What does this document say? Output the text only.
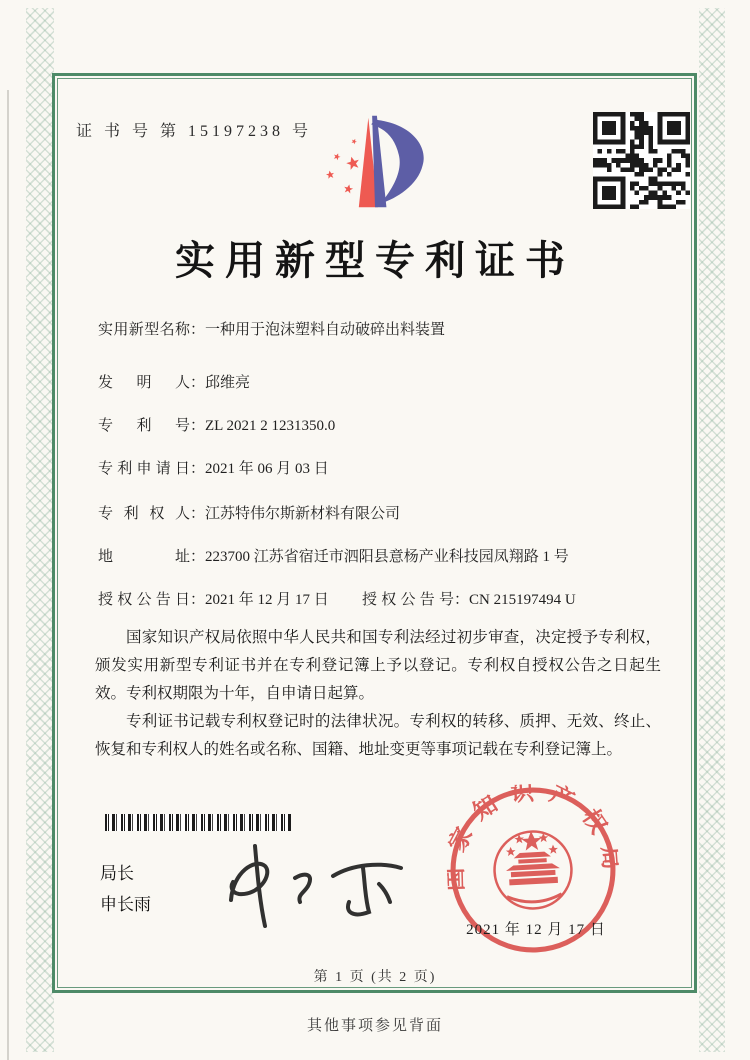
证 书 号 第 15197238 号
实用新型专利证书
实用新型名称：一种用于泡沫塑料自动破碎出料装置
发明人：邱维亮
专利号：ZL 2021 2 1231350.0
专利申请日：2021 年 06 月 03 日
专利权人：江苏特伟尔斯新材料有限公司
地址：223700 江苏省宿迁市泗阳县意杨产业科技园凤翔路 1 号
授权公告日：2021 年 12 月 17 日 授权公告号：CN 215197494 U

国家知识产权局依照中华人民共和国专利法经过初步审查，决定授予专利权，颁发实用新型专利证书并在专利登记簿上予以登记。专利权自授权公告之日起生效。专利权期限为十年，自申请日起算。

专利证书记载专利权登记时的法律状况。专利权的转移、质押、无效、终止、恢复和专利权人的姓名或名称、国籍、地址变更等事项记载在专利登记簿上。

局长
申长雨
国家知识产权局
2021 年 12 月 17 日
第 1 页 (共 2 页)
其他事项参见背面
